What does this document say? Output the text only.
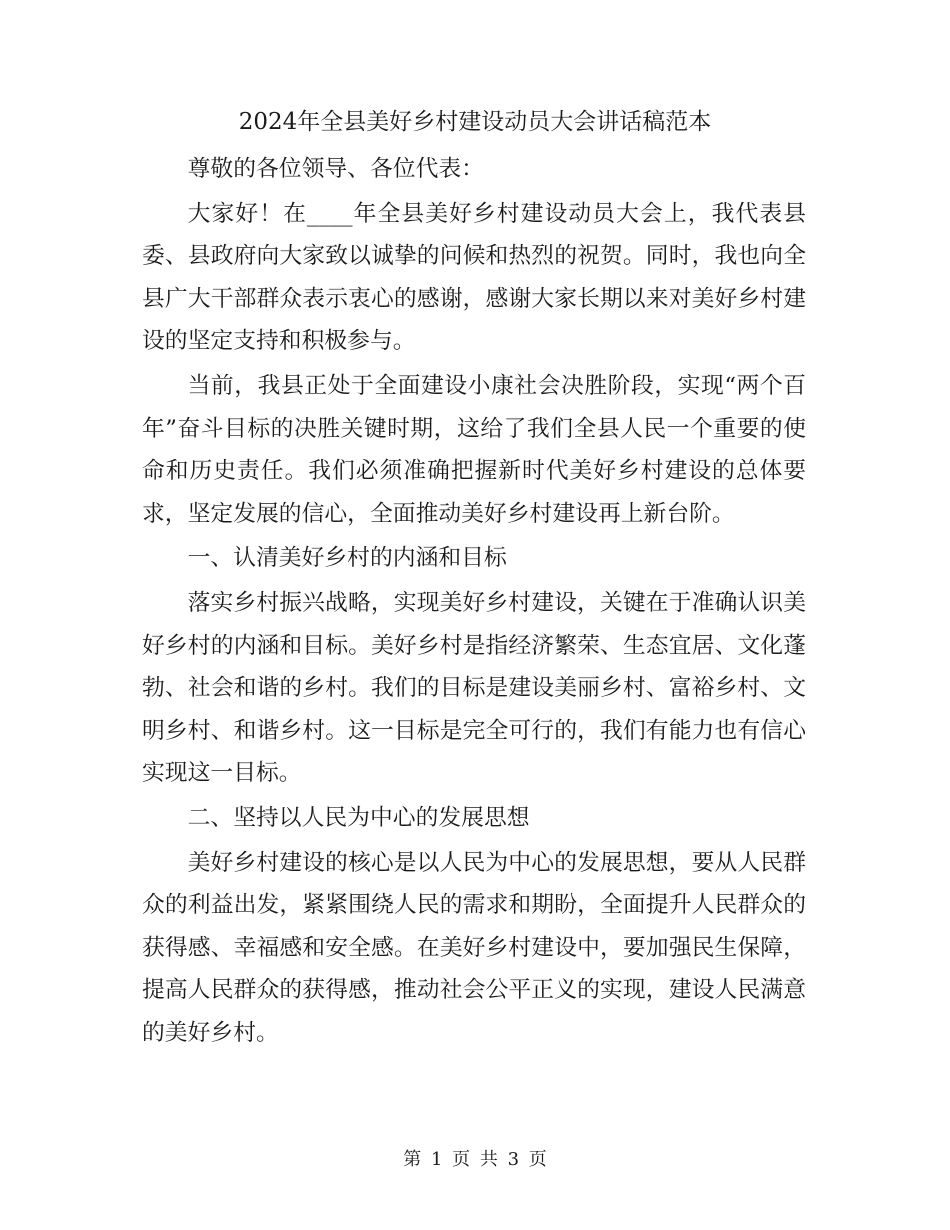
2024年全县美好乡村建设动员大会讲话稿范本

尊敬的各位领导、各位代表：

大家好！在____年全县美好乡村建设动员大会上，我代表县委、县政府向大家致以诚挚的问候和热烈的祝贺。同时，我也向全县广大干部群众表示衷心的感谢，感谢大家长期以来对美好乡村建设的坚定支持和积极参与。

当前，我县正处于全面建设小康社会决胜阶段，实现“两个百年”奋斗目标的决胜关键时期，这给了我们全县人民一个重要的使命和历史责任。我们必须准确把握新时代美好乡村建设的总体要求，坚定发展的信心，全面推动美好乡村建设再上新台阶。

一、认清美好乡村的内涵和目标

落实乡村振兴战略，实现美好乡村建设，关键在于准确认识美好乡村的内涵和目标。美好乡村是指经济繁荣、生态宜居、文化蓬勃、社会和谐的乡村。我们的目标是建设美丽乡村、富裕乡村、文明乡村、和谐乡村。这一目标是完全可行的，我们有能力也有信心实现这一目标。

二、坚持以人民为中心的发展思想

美好乡村建设的核心是以人民为中心的发展思想，要从人民群众的利益出发，紧紧围绕人民的需求和期盼，全面提升人民群众的获得感、幸福感和安全感。在美好乡村建设中，要加强民生保障，提高人民群众的获得感，推动社会公平正义的实现，建设人民满意的美好乡村。

第 1 页 共 3 页
